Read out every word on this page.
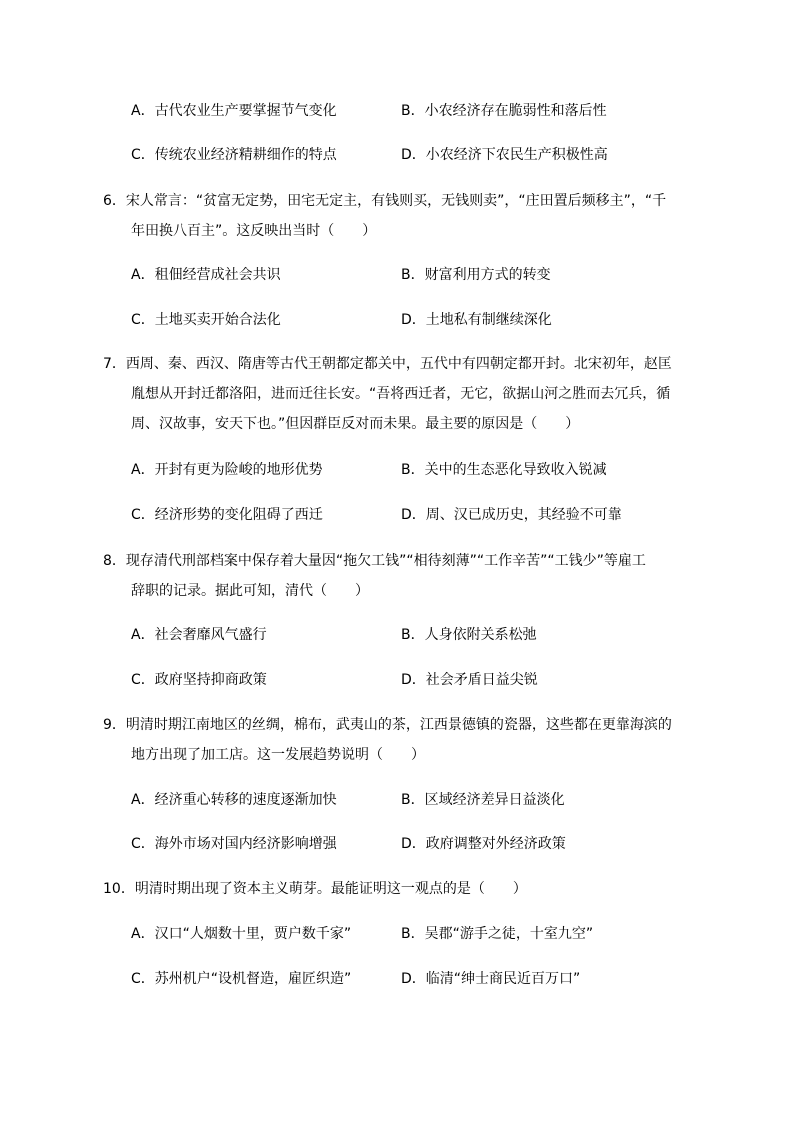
A．古代农业生产要掌握节气变化	B．小农经济存在脆弱性和落后性
C．传统农业经济精耕细作的特点	D．小农经济下农民生产积极性高
6．宋人常言：“贫富无定势，田宅无定主，有钱则买，无钱则卖”，“庄田置后频移主”，“千
年田换八百主”。这反映出当时（　　）
A．租佃经营成社会共识	B．财富利用方式的转变
C．土地买卖开始合法化	D．土地私有制继续深化
7．西周、秦、西汉、隋唐等古代王朝都定都关中，五代中有四朝定都开封。北宋初年，赵匡
胤想从开封迁都洛阳，进而迁往长安。“吾将西迁者，无它，欲据山河之胜而去冗兵，循
周、汉故事，安天下也。”但因群臣反对而未果。最主要的原因是（　　）
A．开封有更为险峻的地形优势	B．关中的生态恶化导致收入锐减
C．经济形势的变化阻碍了西迁	D．周、汉已成历史，其经验不可靠
8．现存清代刑部档案中保存着大量因“拖欠工钱”“相待刻薄”“工作辛苦”“工钱少”等雇工
辞职的记录。据此可知，清代（　　）
A．社会奢靡风气盛行	B．人身依附关系松弛
C．政府坚持抑商政策	D．社会矛盾日益尖锐
9．明清时期江南地区的丝绸，棉布，武夷山的茶，江西景德镇的瓷器，这些都在更靠海滨的
地方出现了加工店。这一发展趋势说明（　　）
A．经济重心转移的速度逐渐加快	B．区域经济差异日益淡化
C．海外市场对国内经济影响增强	D．政府调整对外经济政策
10．明清时期出现了资本主义萌芽。最能证明这一观点的是（　　）
A．汉口“人烟数十里，贾户数千家”	B．吴郡“游手之徒，十室九空”
C．苏州机户“设机督造，雇匠织造”	D．临清“绅士商民近百万口”
